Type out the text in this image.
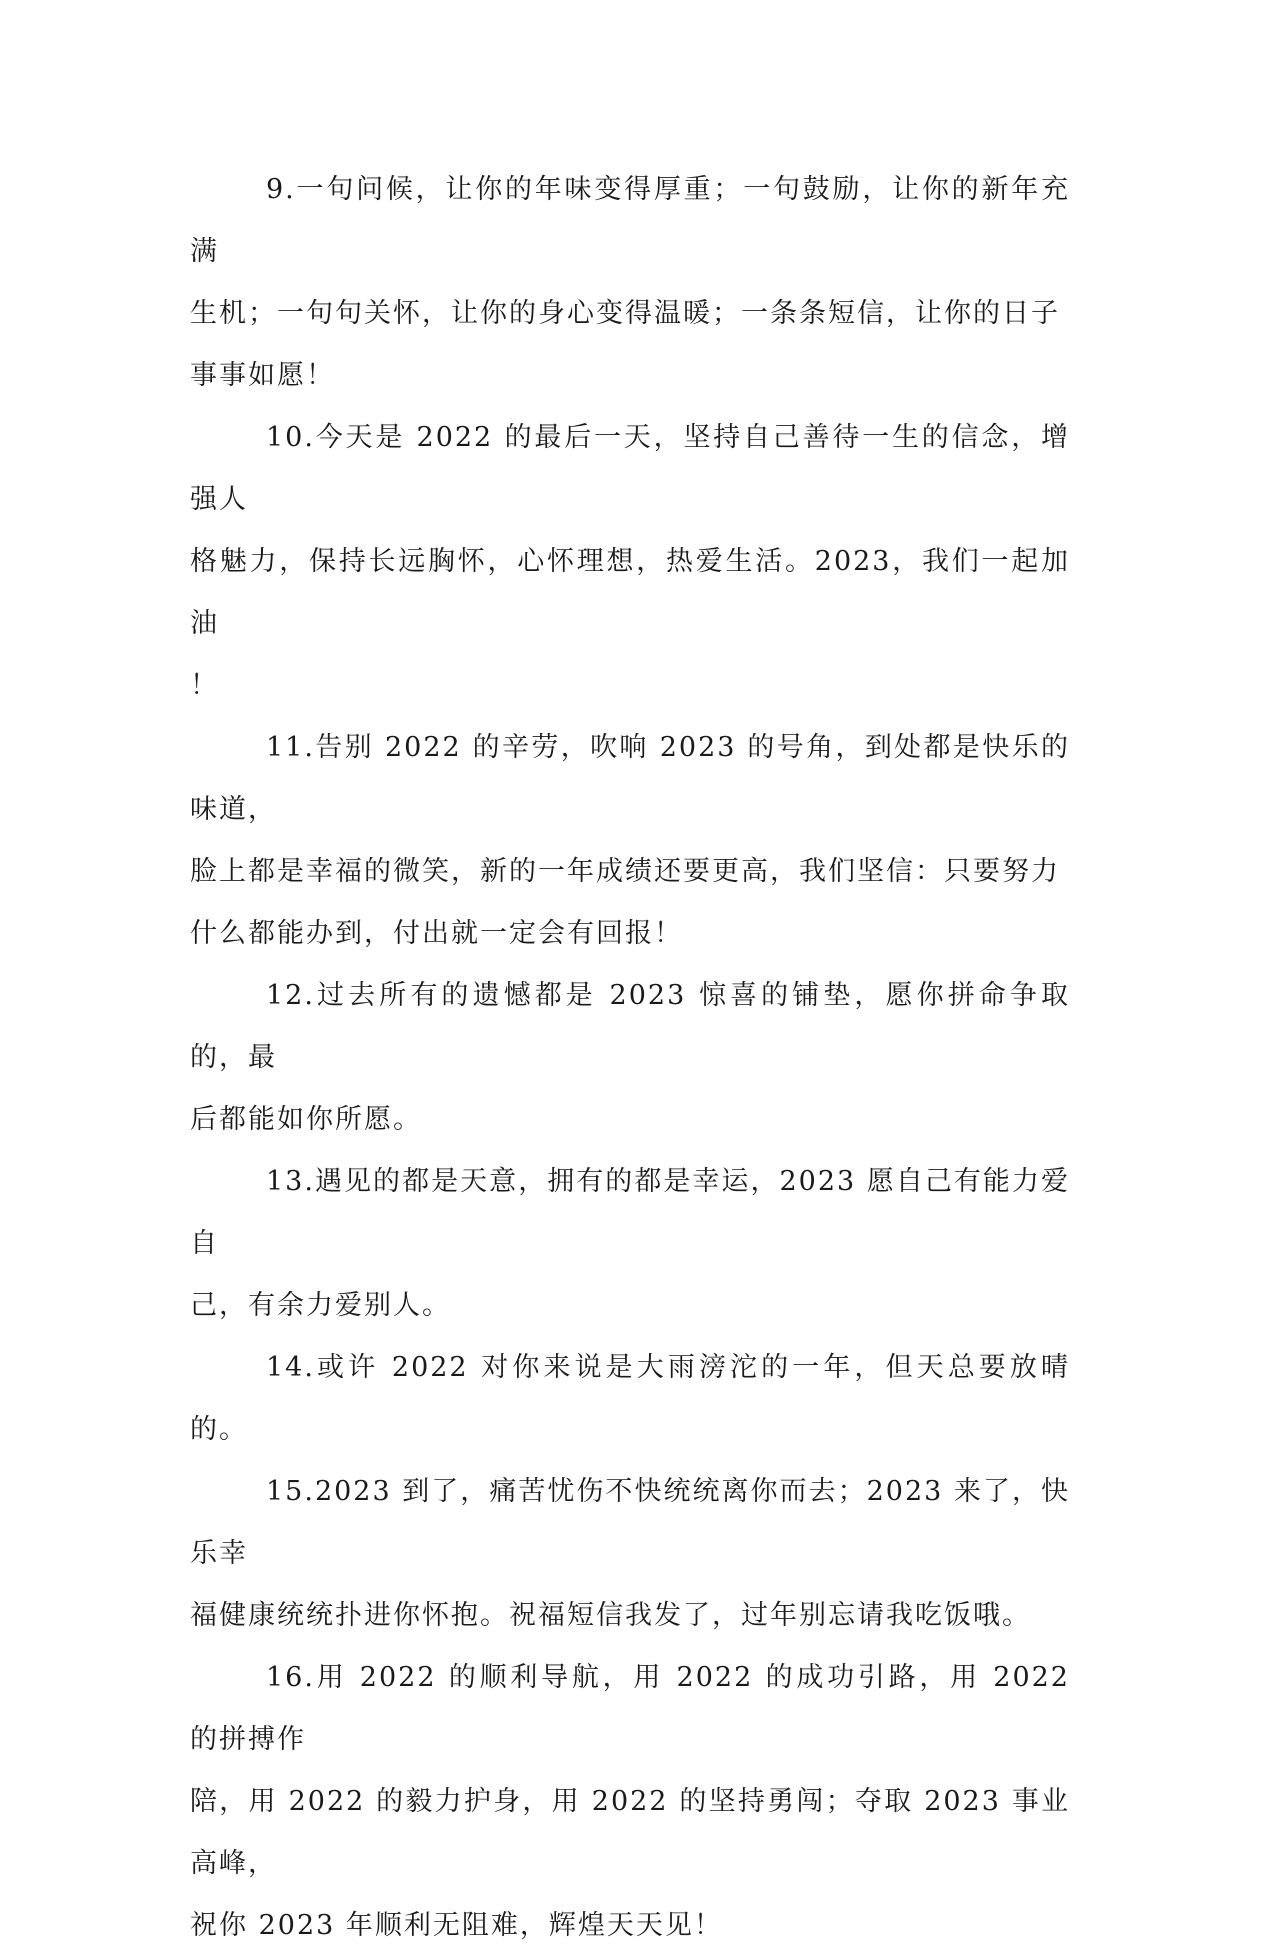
9.一句问候，让你的年味变得厚重；一句鼓励，让你的新年充满
生机；一句句关怀，让你的身心变得温暖；一条条短信，让你的日子
事事如愿！

10.今天是 2022 的最后一天，坚持自己善待一生的信念，增强人
格魅力，保持长远胸怀，心怀理想，热爱生活。2023，我们一起加油
！

11.告别 2022 的辛劳，吹响 2023 的号角，到处都是快乐的味道，
脸上都是幸福的微笑，新的一年成绩还要更高，我们坚信：只要努力
什么都能办到，付出就一定会有回报！

12.过去所有的遗憾都是 2023 惊喜的铺垫，愿你拼命争取的，最
后都能如你所愿。

13.遇见的都是天意，拥有的都是幸运，2023 愿自己有能力爱自
己，有余力爱别人。

14.或许 2022 对你来说是大雨滂沱的一年，但天总要放晴的。

15.2023 到了，痛苦忧伤不快统统离你而去；2023 来了，快乐幸
福健康统统扑进你怀抱。祝福短信我发了，过年别忘请我吃饭哦。

16.用 2022 的顺利导航，用 2022 的成功引路，用 2022 的拼搏作
陪，用 2022 的毅力护身，用 2022 的坚持勇闯；夺取 2023 事业高峰，
祝你 2023 年顺利无阻难，辉煌天天见！
